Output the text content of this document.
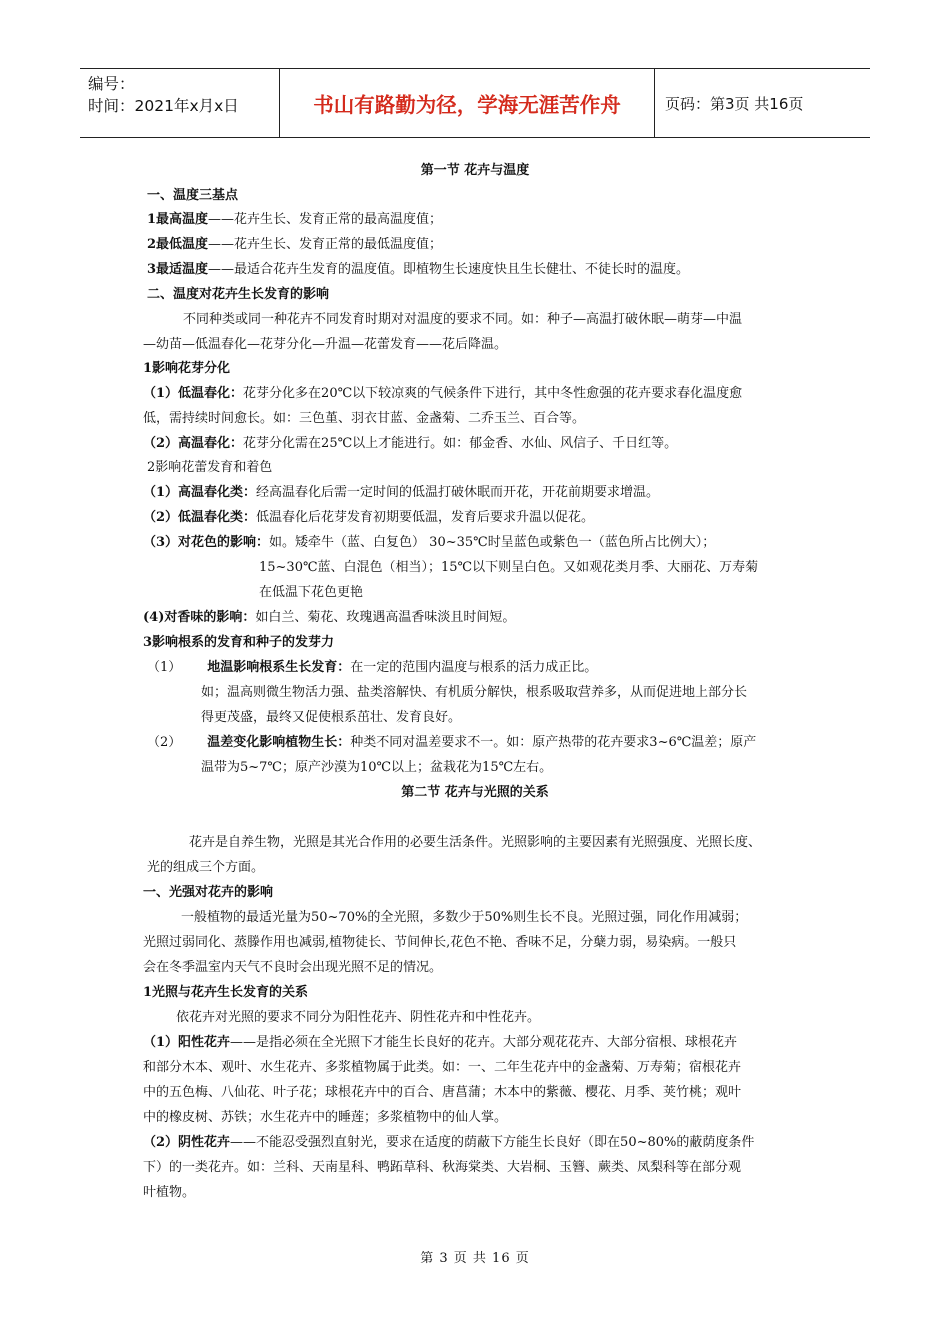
编号：
时间：2021年x月x日	书山有路勤为径，学海无涯苦作舟	页码：第3页 共16页
第一节 花卉与温度
一、温度三基点
1最高温度——花卉生长、发育正常的最高温度值；
2最低温度——花卉生长、发育正常的最低温度值；
3最适温度——最适合花卉生发育的温度值。即植物生长速度快且生长健壮、不徒长时的温度。
二、温度对花卉生长发育的影响
不同种类或同一种花卉不同发育时期对对温度的要求不同。如：种子—高温打破休眠—萌芽—中温
—幼苗—低温春化—花芽分化—升温—花蕾发育——花后降温。
1影响花芽分化
（1）低温春化：花芽分化多在20℃以下较凉爽的气候条件下进行，其中冬性愈强的花卉要求春化温度愈
低，需持续时间愈长。如：三色堇、羽衣甘蓝、金盏菊、二乔玉兰、百合等。
（2）高温春化：花芽分化需在25℃以上才能进行。如：郁金香、水仙、风信子、千日红等。
2影响花蕾发育和着色
（1）高温春化类：经高温春化后需一定时间的低温打破休眠而开花，开花前期要求增温。
（2）低温春化类：低温春化后花芽发育初期要低温，发育后要求升温以促花。
（3）对花色的影响：如。矮牵牛（蓝、白复色） 30~35℃时呈蓝色或紫色一（蓝色所占比例大）；
15~30℃蓝、白混色（相当）；15℃以下则呈白色。又如观花类月季、大丽花、万寿菊
在低温下花色更艳
(4)对香味的影响：如白兰、菊花、玫瑰遇高温香味淡且时间短。
3影响根系的发育和种子的发芽力
（1） 地温影响根系生长发育：在一定的范围内温度与根系的活力成正比。
如；温高则微生物活力强、盐类溶解快、有机质分解快，根系吸取营养多，从而促进地上部分长
得更茂盛，最终又促使根系茁壮、发育良好。
（2） 温差变化影响植物生长：种类不同对温差要求不一。如：原产热带的花卉要求3~6℃温差；原产
温带为5~7℃；原产沙漠为10℃以上；盆栽花为15℃左右。
第二节 花卉与光照的关系
花卉是自养生物，光照是其光合作用的必要生活条件。光照影响的主要因素有光照强度、光照长度、
光的组成三个方面。
一、光强对花卉的影响
一般植物的最适光量为50~70%的全光照，多数少于50%则生长不良。光照过强，同化作用减弱；
光照过弱同化、蒸滕作用也减弱,植物徒长、节间伸长,花色不艳、香味不足，分蘖力弱，易染病。一般只
会在冬季温室内天气不良时会出现光照不足的情况。
1光照与花卉生长发育的关系
依花卉对光照的要求不同分为阳性花卉、阴性花卉和中性花卉。
（1）阳性花卉——是指必须在全光照下才能生长良好的花卉。大部分观花花卉、大部分宿根、球根花卉
和部分木本、观叶、水生花卉、多浆植物属于此类。如：一、二年生花卉中的金盏菊、万寿菊；宿根花卉
中的五色梅、八仙花、叶子花；球根花卉中的百合、唐菖蒲；木本中的紫薇、樱花、月季、荚竹桃；观叶
中的橡皮树、苏铁；水生花卉中的睡莲；多浆植物中的仙人掌。
（2）阴性花卉——不能忍受强烈直射光，要求在适度的荫蔽下方能生长良好（即在50~80%的蔽荫度条件
下）的一类花卉。如：兰科、天南星科、鸭跖草科、秋海棠类、大岩桐、玉簪、蕨类、凤梨科等在部分观
叶植物。
第 3 页 共 16 页
